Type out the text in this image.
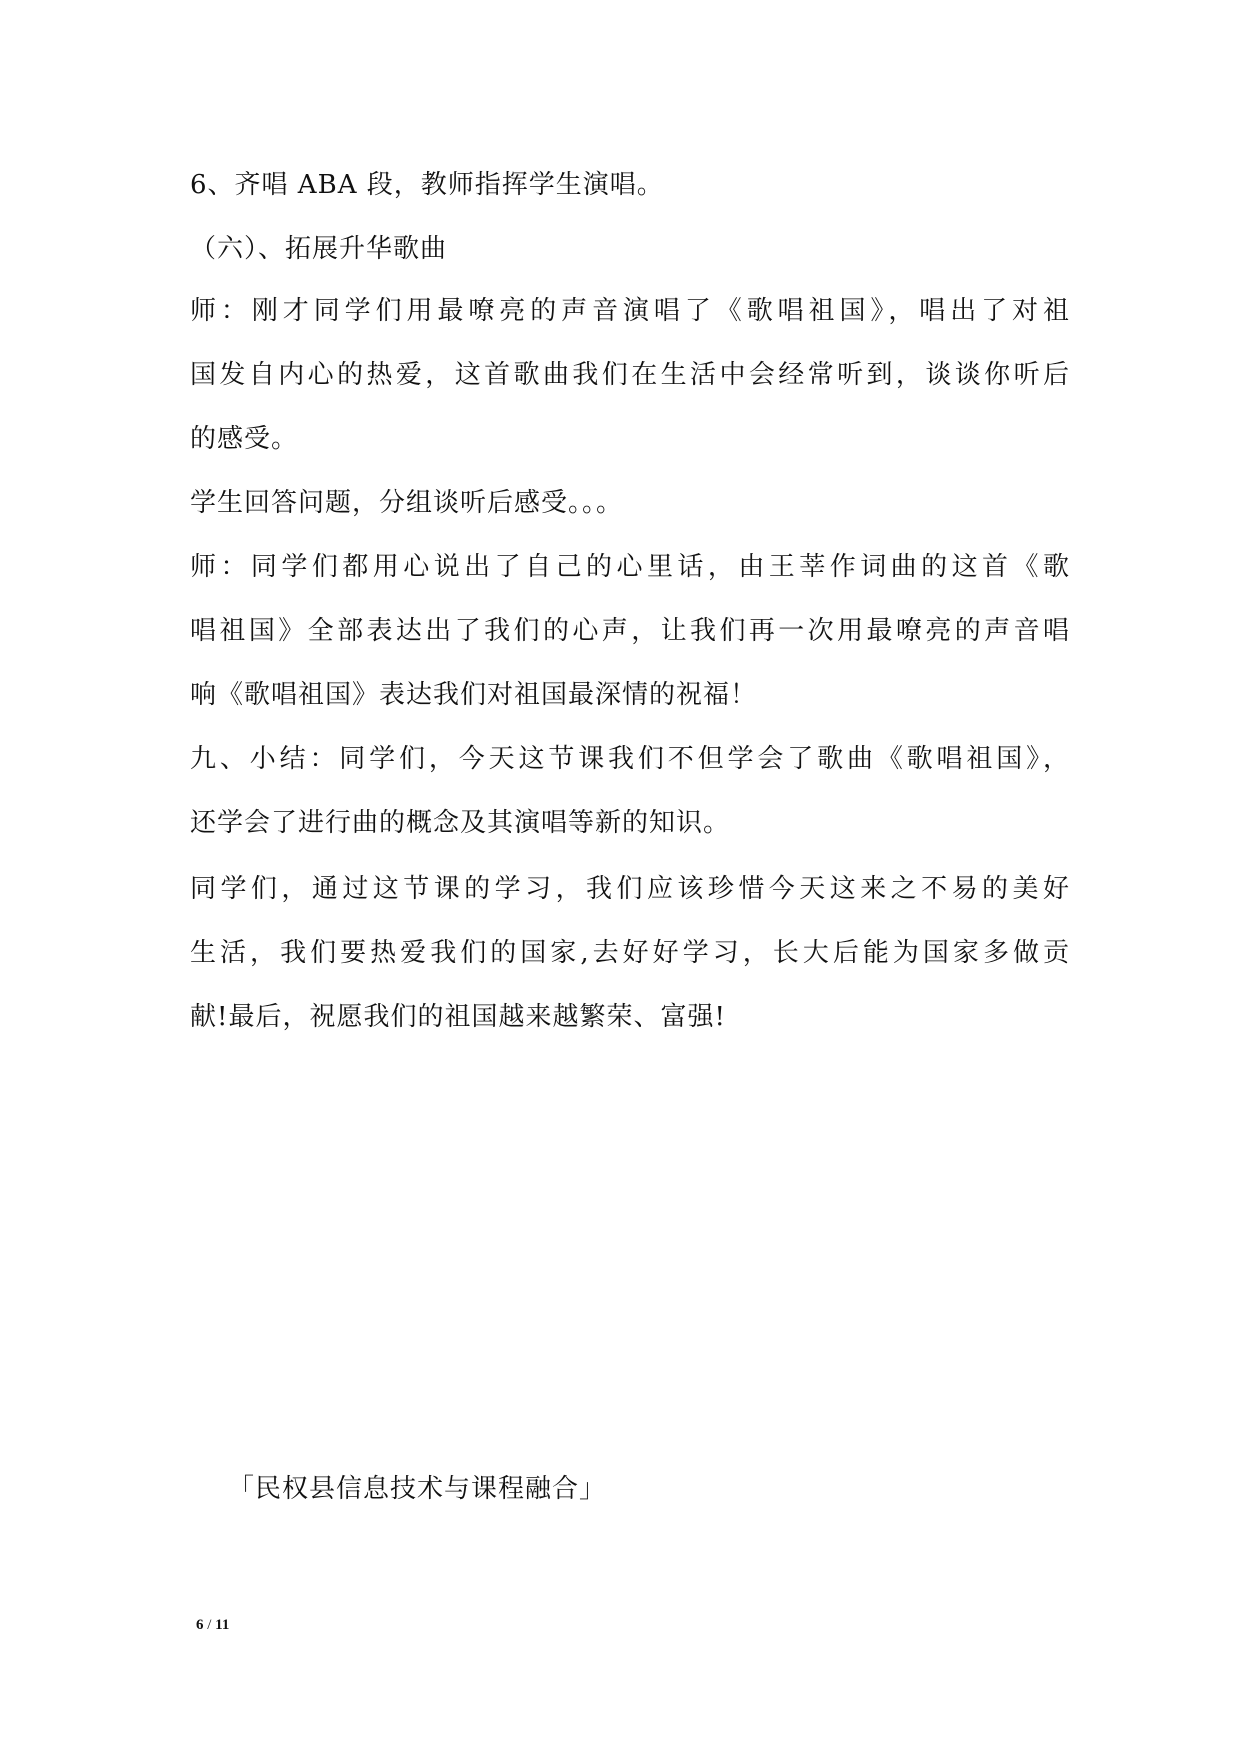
6、齐唱 ABA 段，教师指挥学生演唱。
（六）、拓展升华歌曲
师：刚才同学们用最嘹亮的声音演唱了《歌唱祖国》，唱出了对祖
国发自内心的热爱，这首歌曲我们在生活中会经常听到，谈谈你听后
的感受。
学生回答问题，分组谈听后感受。。。
师：同学们都用心说出了自己的心里话，由王莘作词曲的这首《歌
唱祖国》全部表达出了我们的心声，让我们再一次用最嘹亮的声音唱
响《歌唱祖国》表达我们对祖国最深情的祝福！
九、小结：同学们，今天这节课我们不但学会了歌曲《歌唱祖国》，
还学会了进行曲的概念及其演唱等新的知识。
同学们，通过这节课的学习，我们应该珍惜今天这来之不易的美好
生活，我们要热爱我们的国家,去好好学习，长大后能为国家多做贡
献!最后，祝愿我们的祖国越来越繁荣、富强!
「民权县信息技术与课程融合」
6 / 11
